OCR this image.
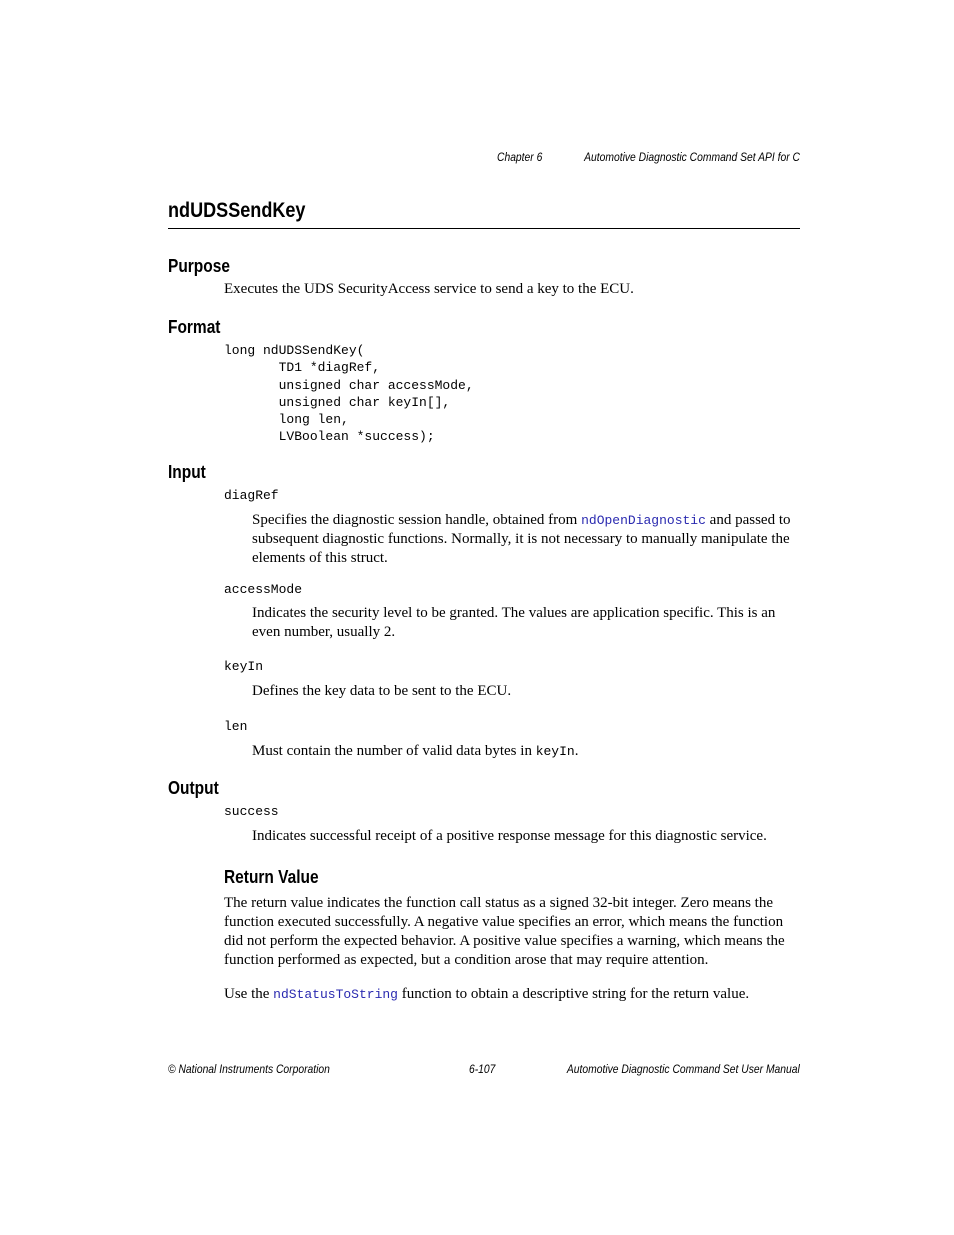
Chapter 6	Automotive Diagnostic Command Set API for C
ndUDSSendKey
Purpose
Executes the UDS SecurityAccess service to send a key to the ECU.
Format
long ndUDSSendKey(
TD1 *diagRef,
unsigned char accessMode,
unsigned char keyIn[],
long len,
LVBoolean *success);
Input
diagRef
Specifies the diagnostic session handle, obtained from ndOpenDiagnostic and passed to subsequent diagnostic functions. Normally, it is not necessary to manually manipulate the elements of this struct.
accessMode
Indicates the security level to be granted. The values are application specific. This is an even number, usually 2.
keyIn
Defines the key data to be sent to the ECU.
len
Must contain the number of valid data bytes in keyIn.
Output
success
Indicates successful receipt of a positive response message for this diagnostic service.
Return Value
The return value indicates the function call status as a signed 32-bit integer. Zero means the function executed successfully. A negative value specifies an error, which means the function did not perform the expected behavior. A positive value specifies a warning, which means the function performed as expected, but a condition arose that may require attention.
Use the ndStatusToString function to obtain a descriptive string for the return value.
© National Instruments Corporation	6-107	Automotive Diagnostic Command Set User Manual
